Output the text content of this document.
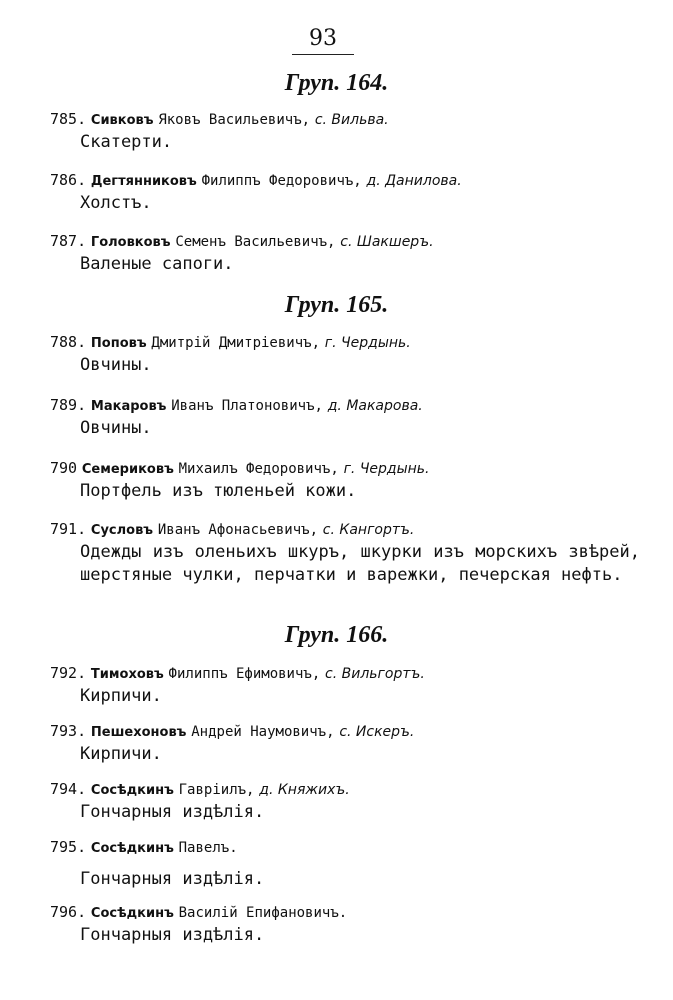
93
Груп. 164.
785. Сивковъ Яковъ Васильевичъ, с. Вильва.
Скатерти.
786. Дегтянниковъ Филиппъ Федоровичъ, д. Данилова.
Холстъ.
787. Головковъ Семенъ Васильевичъ, с. Шакшеръ.
Валеные сапоги.
Груп. 165.
788. Поповъ Дмитрiй Дмитрiевичъ, г. Чердынь.
Овчины.
789. Макаровъ Иванъ Платоновичъ, д. Макарова.
Овчины.
790 Семериковъ Михаилъ Федоровичъ, г. Чердынь.
Портфель изъ тюленьей кожи.
791. Сусловъ Иванъ Афонасьевичъ, с. Кангортъ.
Одежды изъ оленьихъ шкуръ, шкурки изъ морскихъ звѣрей, шерстяные чулки, перчатки и варежки, печерская нефть.
Груп. 166.
792. Тимоховъ Филиппъ Ефимовичъ, с. Вильгортъ.
Кирпичи.
793. Пешехоновъ Андрей Наумовичъ, с. Искеръ.
Кирпичи.
794. Сосѣдкинъ Гаврiилъ, д. Княжихъ.
Гончарныя издѣлiя.
795. Сосѣдкинъ Павелъ.
Гончарныя издѣлiя.
796. Сосѣдкинъ Василiй Епифановичъ.
Гончарныя издѣлiя.
